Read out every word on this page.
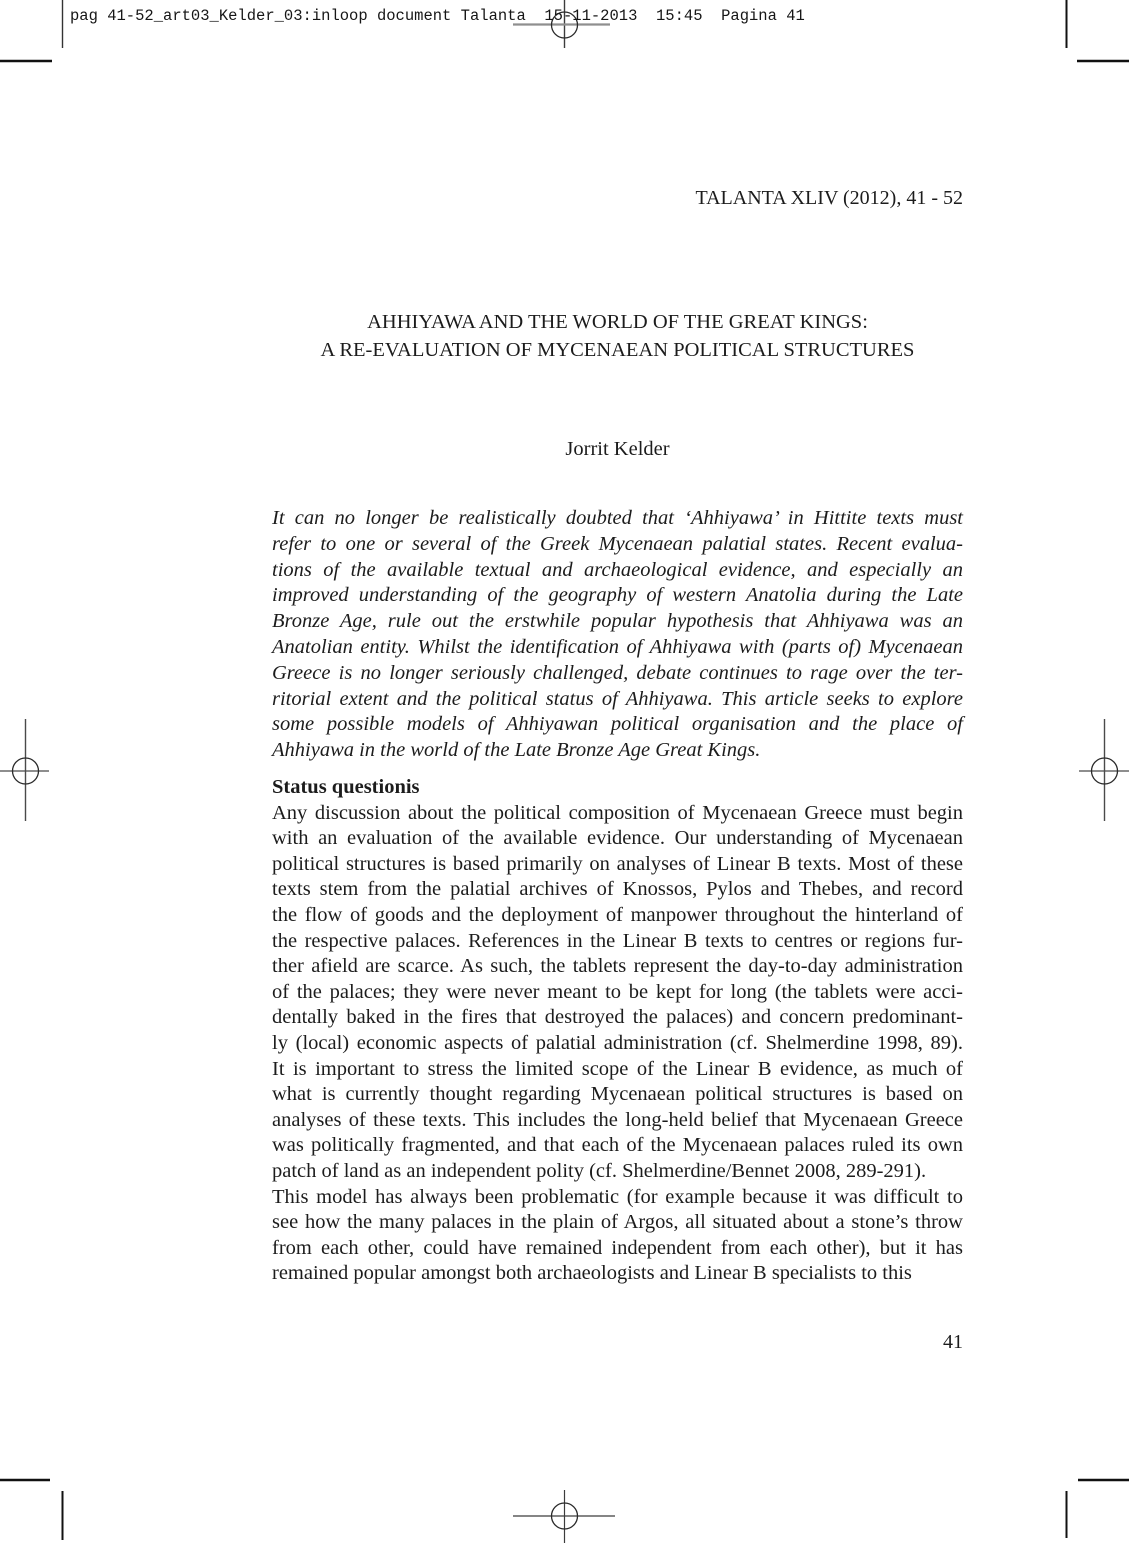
pag 41-52_art03_Kelder_03:inloop document Talanta  15-11-2013  15:45  Pagina 41
TALANTA XLIV (2012), 41 - 52
AHHIYAWA AND THE WORLD OF THE GREAT KINGS:
A RE-EVALUATION OF MYCENAEAN POLITICAL STRUCTURES
Jorrit Kelder
It can no longer be realistically doubted that ‘Ahhiyawa’ in Hittite texts must
refer to one or several of the Greek Mycenaean palatial states. Recent evalua-
tions of the available textual and archaeological evidence, and especially an
improved understanding of the geography of western Anatolia during the Late
Bronze Age, rule out the erstwhile popular hypothesis that Ahhiyawa was an
Anatolian entity. Whilst the identification of Ahhiyawa with (parts of) Mycenaean
Greece is no longer seriously challenged, debate continues to rage over the ter-
ritorial extent and the political status of Ahhiyawa. This article seeks to explore
some possible models of Ahhiyawan political organisation and the place of
Ahhiyawa in the world of the Late Bronze Age Great Kings.
Status questionis
Any discussion about the political composition of Mycenaean Greece must begin
with an evaluation of the available evidence. Our understanding of Mycenaean
political structures is based primarily on analyses of Linear B texts. Most of these
texts stem from the palatial archives of Knossos, Pylos and Thebes, and record
the flow of goods and the deployment of manpower throughout the hinterland of
the respective palaces. References in the Linear B texts to centres or regions fur-
ther afield are scarce. As such, the tablets represent the day-to-day administration
of the palaces; they were never meant to be kept for long (the tablets were acci-
dentally baked in the fires that destroyed the palaces) and concern predominant-
ly (local) economic aspects of palatial administration (cf. Shelmerdine 1998, 89).
It is important to stress the limited scope of the Linear B evidence, as much of
what is currently thought regarding Mycenaean political structures is based on
analyses of these texts. This includes the long-held belief that Mycenaean Greece
was politically fragmented, and that each of the Mycenaean palaces ruled its own
patch of land as an independent polity (cf. Shelmerdine/Bennet 2008, 289-291).
This model has always been problematic (for example because it was difficult to
see how the many palaces in the plain of Argos, all situated about a stone’s throw
from each other, could have remained independent from each other), but it has
remained popular amongst both archaeologists and Linear B specialists to this
41
